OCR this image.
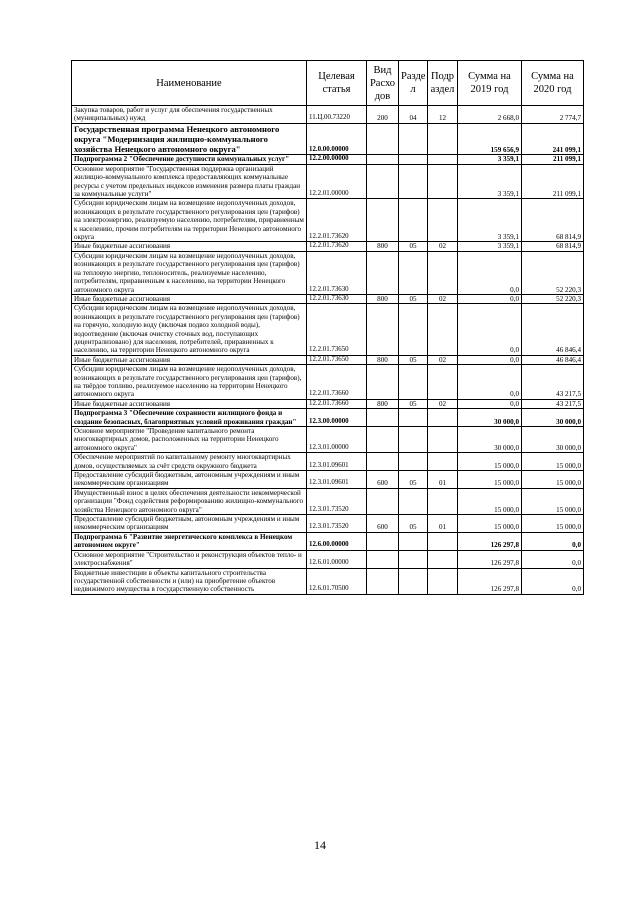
Наименование	Целевая статья	Вид Расхо дов	Разде л	Подр аздел	Сумма на 2019 год	Сумма на 2020 год
Закупка товаров, работ и услуг для обеспечения государственных (муниципальных) нужд	11.Ц.00.73220	200	04	12	2 668,0	2 774,7
Государственная программа Ненецкого автономного округа "Модернизация жилищно-коммунального хозяйства Ненецкого автономного округа"	12.0.00.00000				159 656,9	241 099,1
Подпрограмма 2 "Обеспечение доступности коммунальных услуг"	12.2.00.00000				3 359,1	211 099,1
Основное мероприятие "Государственная поддержка организаций жилищно-коммунального комплекса предоставляющих коммунальные ресурсы с учетом предельных индексов изменения размера платы граждан за коммунальные услуги"	12.2.01.00000				3 359,1	211 099,1
Субсидии юридическим лицам на возмещение недополученных доходов, возникающих в результате государственного регулирования цен (тарифов) на электроэнергию, реализуемую населению, потребителям, приравненным к населению, прочим потребителям на территории Ненецкого автономного округа	12.2.01.73620				3 359,1	68 814,9
Иные бюджетные ассигнования	12.2.01.73620	800	05	02	3 359,1	68 814,9
Субсидии юридическим лицам на возмещение недополученных доходов, возникающих в результате государственного регулирования цен (тарифов) на тепловую энергию, теплоноситель, реализуемые населению, потребителям, приравненным к населению, на территории Ненецкого автономного округа	12.2.01.73630				0,0	52 220,3
Иные бюджетные ассигнования	12.2.01.73630	800	05	02	0,0	52 220,3
Субсидии юридическим лицам на возмещение недополученных доходов, возникающих в результате государственного регулирования цен (тарифов) на горячую, холодную воду (включая подвоз холодной воды), водоотведение (включая очистку сточных вод, поступающих децентрализовано) для населения, потребителей, приравненных к населению, на территории Ненецкого автономного округа	12.2.01.73650				0,0	46 846,4
Иные бюджетные ассигнования	12.2.01.73650	800	05	02	0,0	46 846,4
Субсидии юридическим лицам на возмещение недополученных доходов, возникающих в результате государственного регулирования цен (тарифов), на твёрдое топливо, реализуемое населению на территории Ненецкого автономного округа	12.2.01.73660				0,0	43 217,5
Иные бюджетные ассигнования	12.2.01.73660	800	05	02	0,0	43 217,5
Подпрограмма 3 "Обеспечение сохранности жилищного фонда и создание безопасных, благоприятных условий проживания граждан"	12.3.00.00000				30 000,0	30 000,0
Основное мероприятие "Проведение капитального ремонта многоквартирных домов, расположенных на территории Ненецкого автономного округа"	12.3.01.00000				30 000,0	30 000,0
Обеспечение мероприятий по капитальному ремонту многоквартирных домов, осуществляемых за счёт средств окружного бюджета	12.3.01.09601				15 000,0	15 000,0
Предоставление субсидий бюджетным, автономным учреждениям и иным некоммерческим организациям	12.3.01.09601	600	05	01	15 000,0	15 000,0
Имущественный взнос в целях обеспечения деятельности некоммерческой организации "Фонд содействия реформированию жилищно-коммунального хозяйства Ненецкого автономного округа"	12.3.01.73520				15 000,0	15 000,0
Предоставление субсидий бюджетным, автономным учреждениям и иным некоммерческим организациям	12.3.01.73520	600	05	01	15 000,0	15 000,0
Подпрограмма 6 "Развитие энергетического комплекса в Ненецком автономном округе"	12.6.00.00000				126 297,8	0,0
Основное мероприятие "Строительство и реконструкция объектов тепло- и электроснабжения"	12.6.01.00000				126 297,8	0,0
Бюджетные инвестиции в объекты капитального строительства государственной собственности и (или) на приобретение объектов недвижимого имущества в государственную собственность	12.6.01.70500				126 297,8	0,0
14
